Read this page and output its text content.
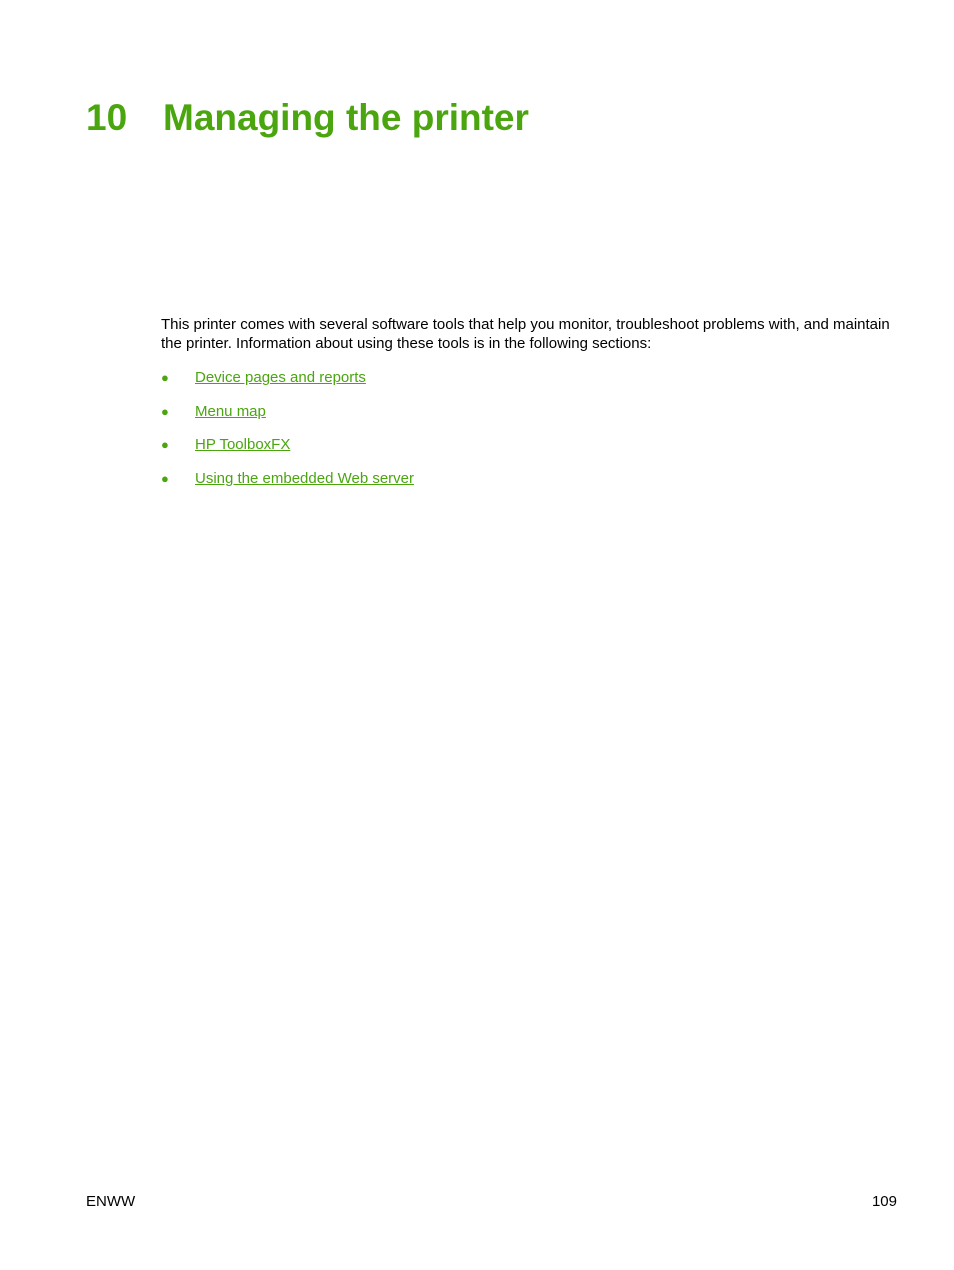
10 Managing the printer

This printer comes with several software tools that help you monitor, troubleshoot problems with, and maintain the printer. Information about using these tools is in the following sections:

● Device pages and reports
● Menu map
● HP ToolboxFX
● Using the embedded Web server
ENWW	109
